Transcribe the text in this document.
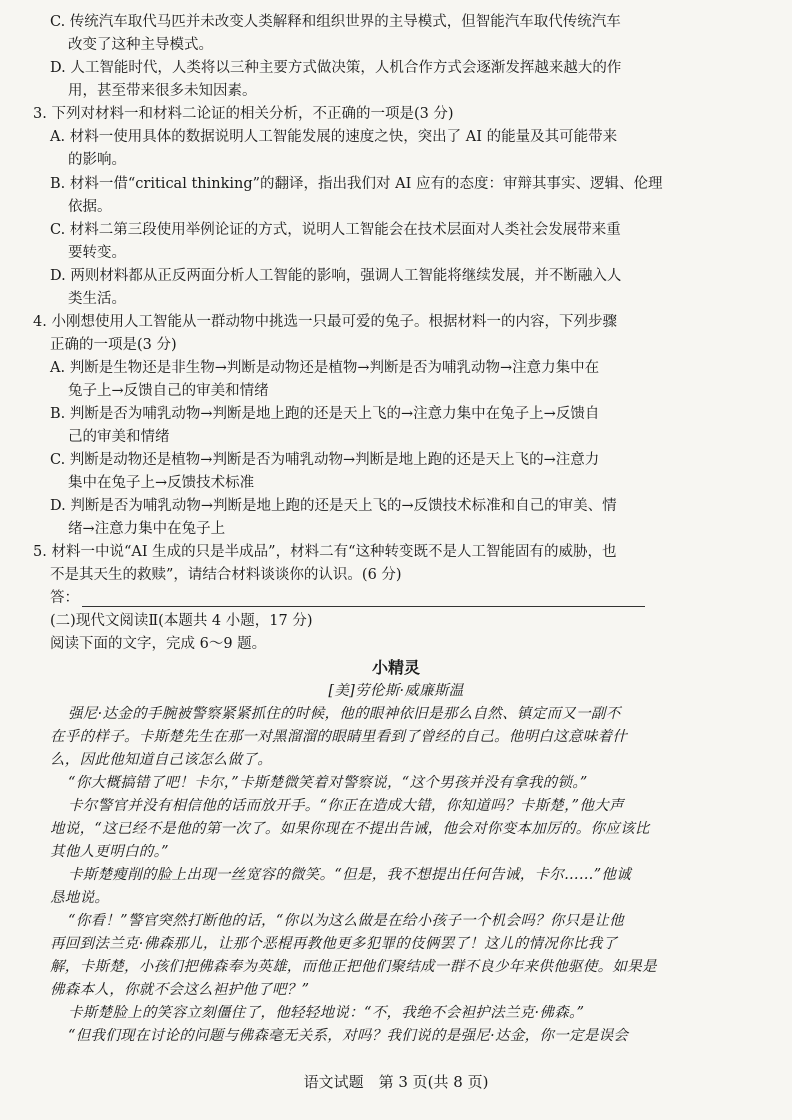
C. 传统汽车取代马匹并未改变人类解释和组织世界的主导模式，但智能汽车取代传统汽车
改变了这种主导模式。
D. 人工智能时代，人类将以三种主要方式做决策，人机合作方式会逐渐发挥越来越大的作
用，甚至带来很多未知因素。
3. 下列对材料一和材料二论证的相关分析，不正确的一项是(3 分)
A. 材料一使用具体的数据说明人工智能发展的速度之快，突出了 AI 的能量及其可能带来
的影响。
B. 材料一借“critical thinking”的翻译，指出我们对 AI 应有的态度：审辩其事实、逻辑、伦理
依据。
C. 材料二第三段使用举例论证的方式，说明人工智能会在技术层面对人类社会发展带来重
要转变。
D. 两则材料都从正反两面分析人工智能的影响，强调人工智能将继续发展，并不断融入人
类生活。
4. 小刚想使用人工智能从一群动物中挑选一只最可爱的兔子。根据材料一的内容，下列步骤
正确的一项是(3 分)
A. 判断是生物还是非生物→判断是动物还是植物→判断是否为哺乳动物→注意力集中在
兔子上→反馈自己的审美和情绪
B. 判断是否为哺乳动物→判断是地上跑的还是天上飞的→注意力集中在兔子上→反馈自
己的审美和情绪
C. 判断是动物还是植物→判断是否为哺乳动物→判断是地上跑的还是天上飞的→注意力
集中在兔子上→反馈技术标准
D. 判断是否为哺乳动物→判断是地上跑的还是天上飞的→反馈技术标准和自己的审美、情
绪→注意力集中在兔子上
5. 材料一中说“AI 生成的只是半成品”，材料二有“这种转变既不是人工智能固有的威胁，也
不是其天生的救赎”，请结合材料谈谈你的认识。(6 分)
答：
(二)现代文阅读Ⅱ(本题共 4 小题，17 分)
阅读下面的文字，完成 6～9 题。
小精灵
[美]劳伦斯·威廉斯温
强尼·达金的手腕被警察紧紧抓住的时候，他的眼神依旧是那么自然、镇定而又一副不
在乎的样子。卡斯楚先生在那一对黑溜溜的眼睛里看到了曾经的自己。他明白这意味着什
么，因此他知道自己该怎么做了。
“你大概搞错了吧！卡尔，”卡斯楚微笑着对警察说，“这个男孩并没有拿我的锁。”
卡尔警官并没有相信他的话而放开手。“你正在造成大错，你知道吗？卡斯楚，”他大声
地说，“这已经不是他的第一次了。如果你现在不提出告诫，他会对你变本加厉的。你应该比
其他人更明白的。”
卡斯楚瘦削的脸上出现一丝宽容的微笑。“但是，我不想提出任何告诫，卡尔……”他诚
恳地说。
“你看！”警官突然打断他的话，“你以为这么做是在给小孩子一个机会吗？你只是让他
再回到法兰克·佛森那儿，让那个恶棍再教他更多犯罪的伎俩罢了！这儿的情况你比我了
解，卡斯楚，小孩们把佛森奉为英雄，而他正把他们聚结成一群不良少年来供他驱使。如果是
佛森本人，你就不会这么袒护他了吧？”
卡斯楚脸上的笑容立刻僵住了，他轻轻地说：“不，我绝不会袒护法兰克·佛森。”
“但我们现在讨论的问题与佛森毫无关系，对吗？我们说的是强尼·达金，你一定是误会
语文试题　第 3 页(共 8 页)
